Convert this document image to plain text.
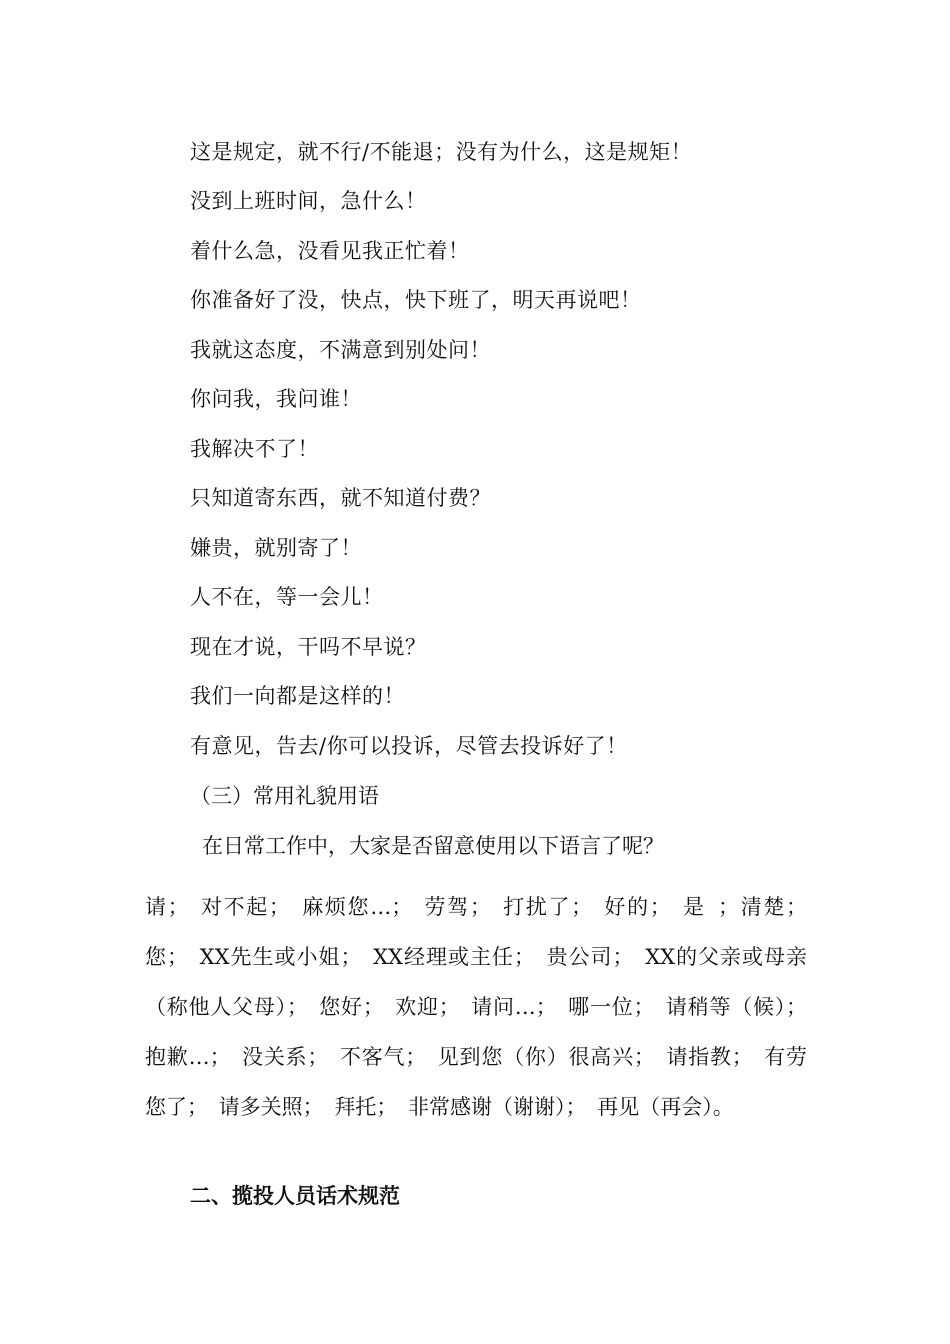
这是规定，就不行/不能退；没有为什么，这是规矩！
没到上班时间，急什么！
着什么急，没看见我正忙着！
你准备好了没，快点，快下班了，明天再说吧！
我就这态度，不满意到别处问！
你问我，我问谁！
我解决不了！
只知道寄东西，就不知道付费？
嫌贵，就别寄了！
人不在，等一会儿！
现在才说，干吗不早说？
我们一向都是这样的！
有意见，告去/你可以投诉，尽管去投诉好了！
（三）常用礼貌用语
在日常工作中，大家是否留意使用以下语言了呢？
请； 对不起； 麻烦您…； 劳驾； 打扰了； 好的； 是 ；清楚；您； XX先生或小姐； XX经理或主任； 贵公司； XX的父亲或母亲（称他人父母）； 您好； 欢迎； 请问…； 哪一位； 请稍等（候）； 抱歉…； 没关系； 不客气； 见到您（你）很高兴； 请指教； 有劳您了； 请多关照； 拜托； 非常感谢（谢谢）； 再见（再会）。
二、揽投人员话术规范
